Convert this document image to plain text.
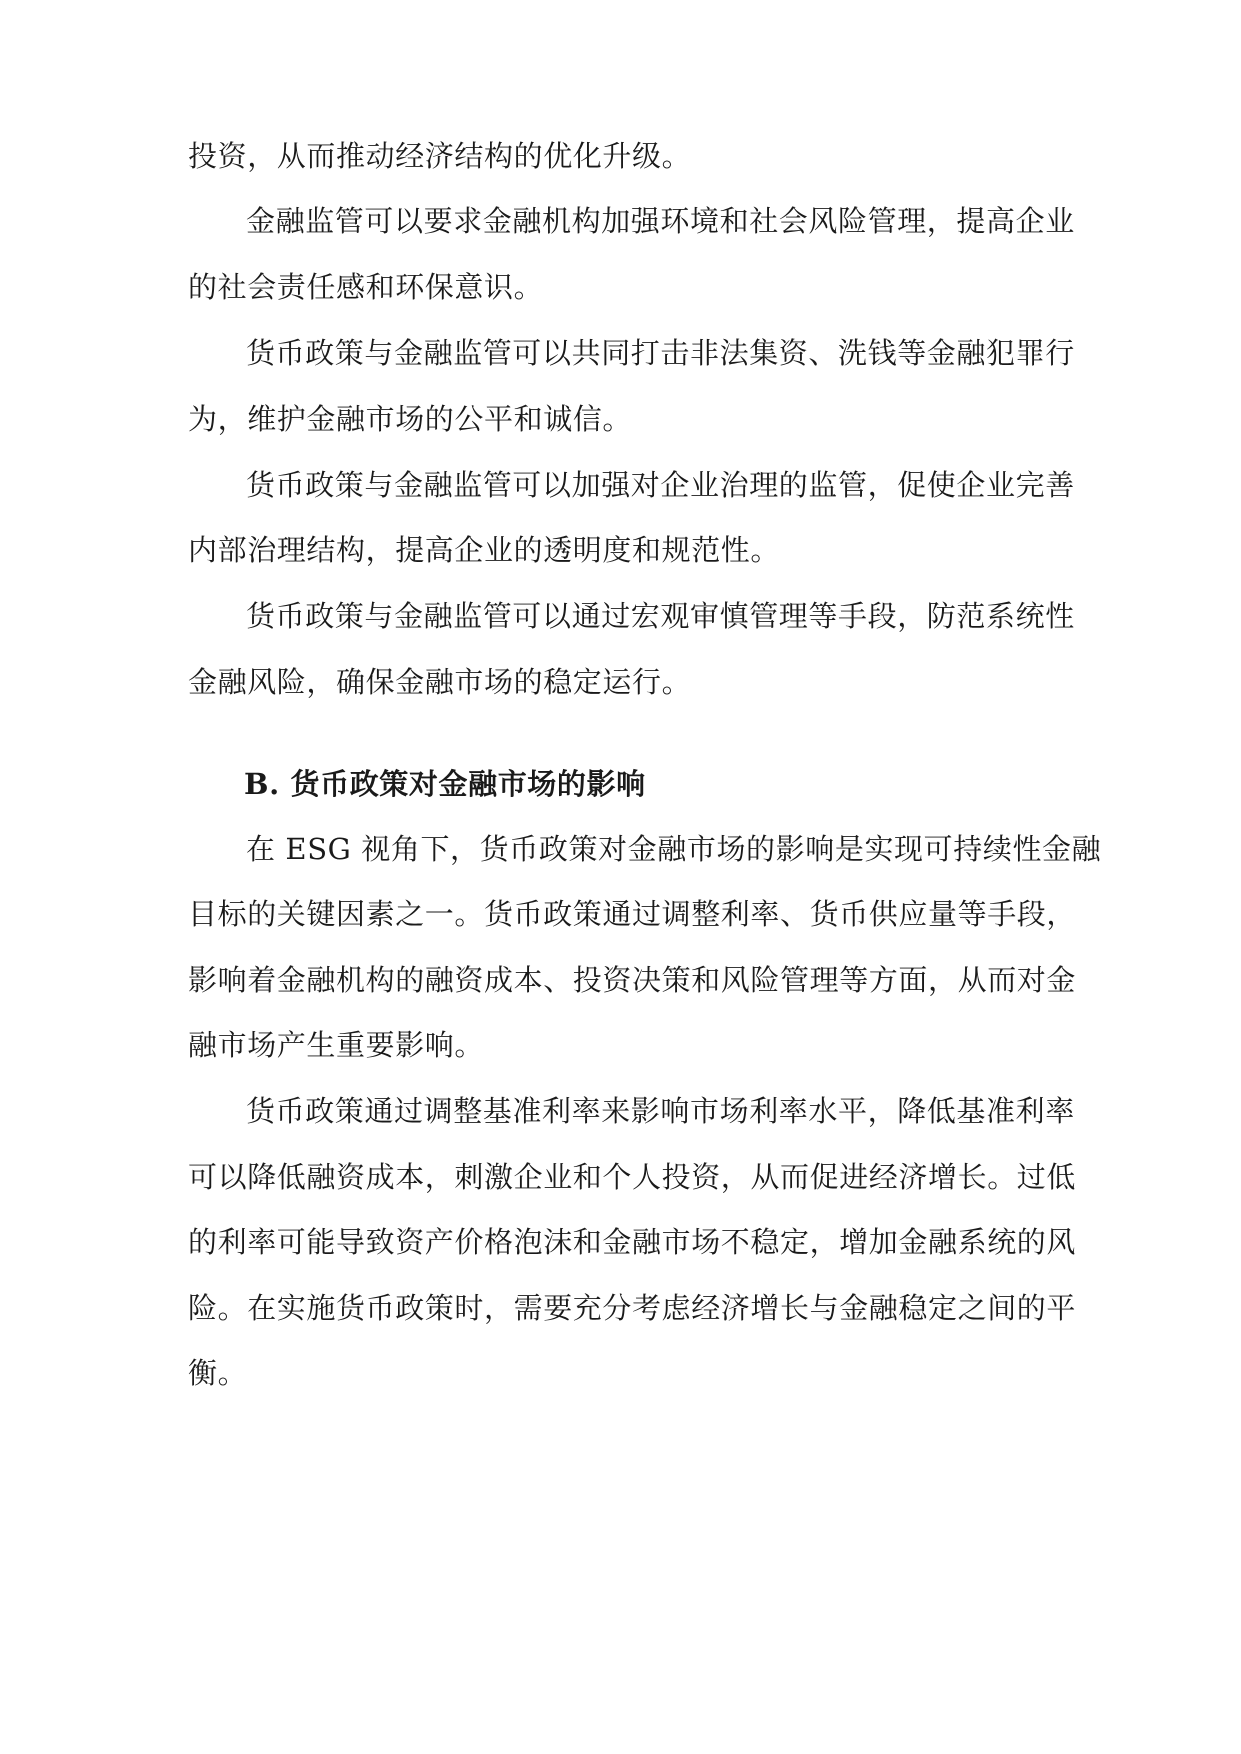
投资，从而推动经济结构的优化升级。
金融监管可以要求金融机构加强环境和社会风险管理，提高企业
的社会责任感和环保意识。
货币政策与金融监管可以共同打击非法集资、洗钱等金融犯罪行
为，维护金融市场的公平和诚信。
货币政策与金融监管可以加强对企业治理的监管，促使企业完善
内部治理结构，提高企业的透明度和规范性。
货币政策与金融监管可以通过宏观审慎管理等手段，防范系统性
金融风险，确保金融市场的稳定运行。
B. 货币政策对金融市场的影响
在 ESG 视角下，货币政策对金融市场的影响是实现可持续性金融
目标的关键因素之一。货币政策通过调整利率、货币供应量等手段，
影响着金融机构的融资成本、投资决策和风险管理等方面，从而对金
融市场产生重要影响。
货币政策通过调整基准利率来影响市场利率水平，降低基准利率
可以降低融资成本，刺激企业和个人投资，从而促进经济增长。过低
的利率可能导致资产价格泡沫和金融市场不稳定，增加金融系统的风
险。在实施货币政策时，需要充分考虑经济增长与金融稳定之间的平
衡。
